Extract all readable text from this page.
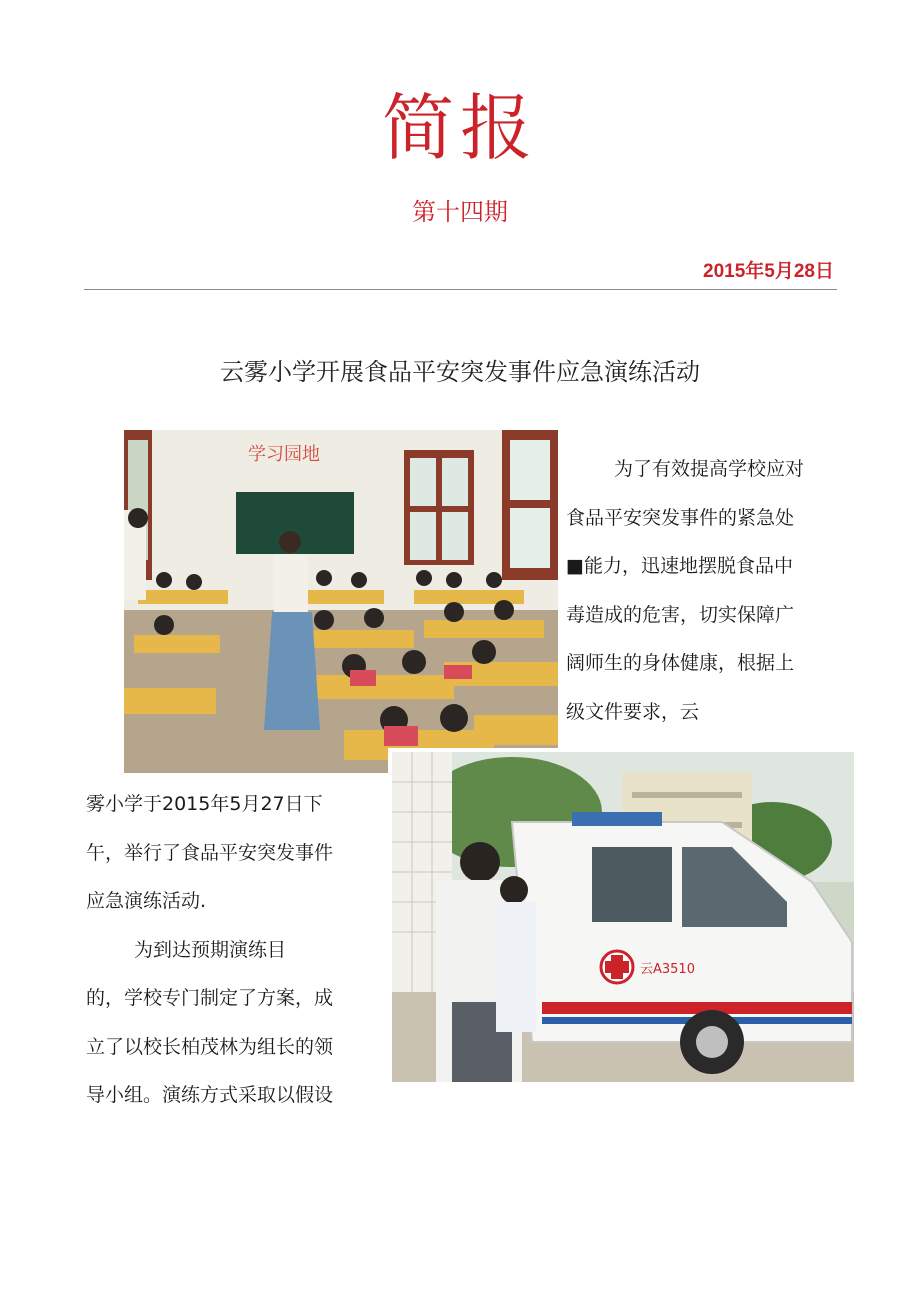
简报
第十四期
2015年5月28日
云雾小学开展食品平安突发事件应急演练活动
学习园地

为了有效提高学校应对

食品平安突发事件的紧急处

■能力，迅速地摆脱食品中

毒造成的危害，切实保障广

阔师生的身体健康，根据上

级文件要求，云

云A3510

雾小学于2015年5月27日下

午，举行了食品平安突发事件

应急演练活动.

为到达预期演练目

的，学校专门制定了方案，成

立了以校长柏茂林为组长的领

导小组。演练方式采取以假设
